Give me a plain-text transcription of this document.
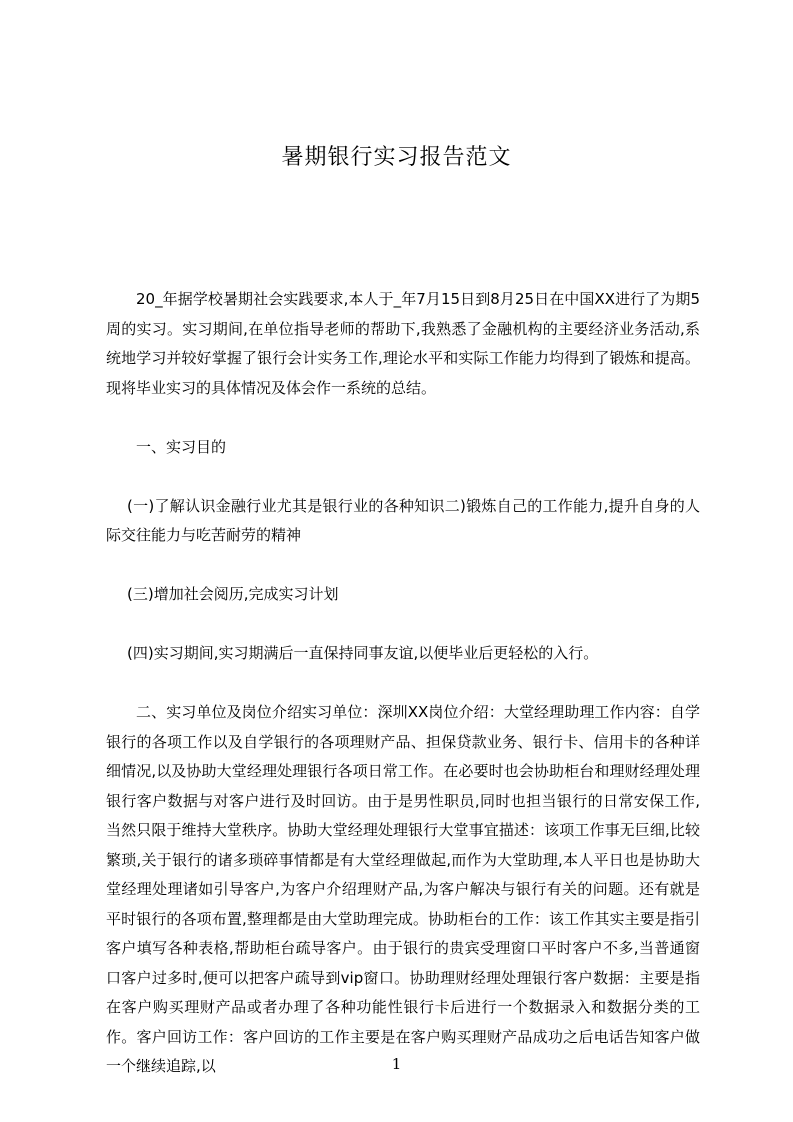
暑期银行实习报告范文

20_年据学校暑期社会实践要求,本人于_年7月15日到8月25日在中国XX进行了为期5周的实习。实习期间,在单位指导老师的帮助下,我熟悉了金融机构的主要经济业务活动,系统地学习并较好掌握了银行会计实务工作,理论水平和实际工作能力均得到了锻炼和提高。现将毕业实习的具体情况及体会作一系统的总结。

一、实习目的

(一)了解认识金融行业尤其是银行业的各种知识二)锻炼自己的工作能力,提升自身的人际交往能力与吃苦耐劳的精神

(三)增加社会阅历,完成实习计划

(四)实习期间,实习期满后一直保持同事友谊,以便毕业后更轻松的入行。

二、实习单位及岗位介绍实习单位：深圳XX岗位介绍：大堂经理助理工作内容：自学银行的各项工作以及自学银行的各项理财产品、担保贷款业务、银行卡、信用卡的各种详细情况,以及协助大堂经理处理银行各项日常工作。在必要时也会协助柜台和理财经理处理银行客户数据与对客户进行及时回访。由于是男性职员,同时也担当银行的日常安保工作,当然只限于维持大堂秩序。协助大堂经理处理银行大堂事宜描述：该项工作事无巨细,比较繁琐,关于银行的诸多琐碎事情都是有大堂经理做起,而作为大堂助理,本人平日也是协助大堂经理处理诸如引导客户,为客户介绍理财产品,为客户解决与银行有关的问题。还有就是平时银行的各项布置,整理都是由大堂助理完成。协助柜台的工作：该工作其实主要是指引客户填写各种表格,帮助柜台疏导客户。由于银行的贵宾受理窗口平时客户不多,当普通窗口客户过多时,便可以把客户疏导到vip窗口。协助理财经理处理银行客户数据：主要是指在客户购买理财产品或者办理了各种功能性银行卡后进行一个数据录入和数据分类的工作。客户回访工作：客户回访的工作主要是在客户购买理财产品成功之后电话告知客户做一个继续追踪,以	1
